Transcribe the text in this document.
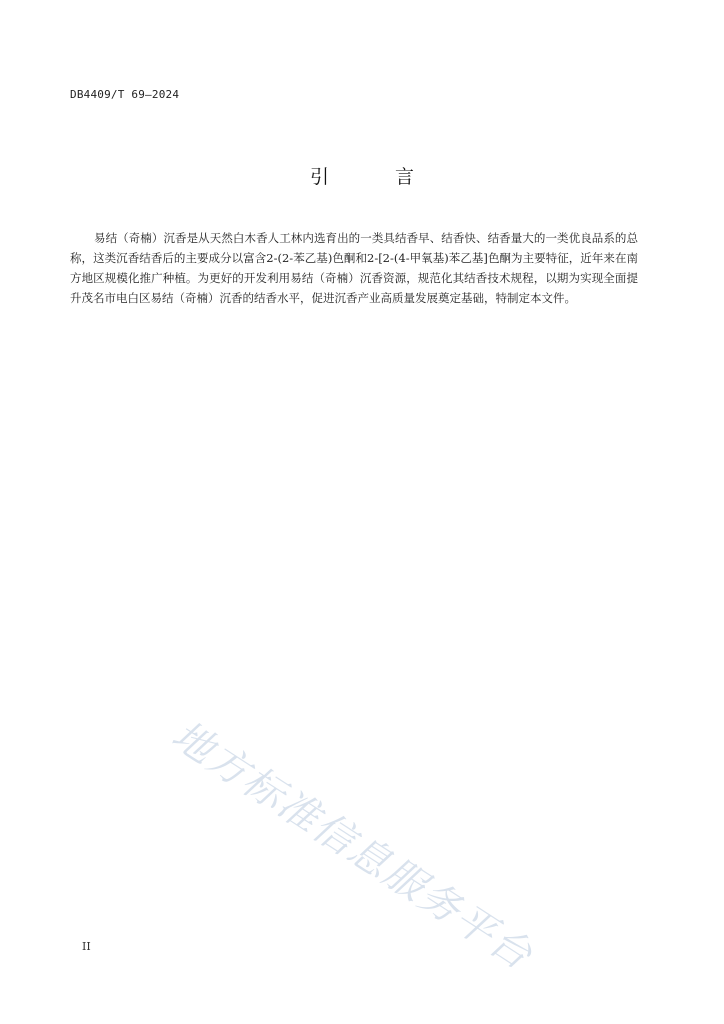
DB4409/T 69—2024
引 言

易结（奇楠）沉香是从天然白木香人工林内选育出的一类具结香早、结香快、结香量大的一类优良品系的总称，这类沉香结香后的主要成分以富含2-(2-苯乙基)色酮和2-[2-(4-甲氧基)苯乙基]色酮为主要特征，近年来在南方地区规模化推广种植。为更好的开发利用易结（奇楠）沉香资源，规范化其结香技术规程，以期为实现全面提升茂名市电白区易结（奇楠）沉香的结香水平，促进沉香产业高质量发展奠定基础，特制定本文件。

地方标准信息服务平台
II
